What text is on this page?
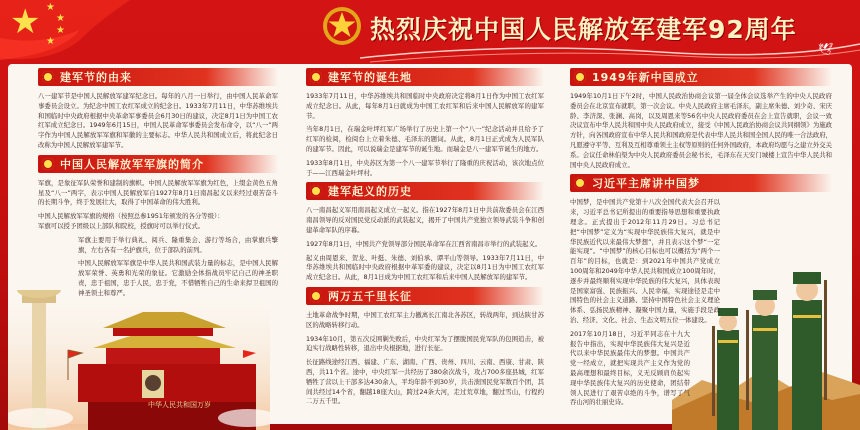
★ ★
★
★
★	热烈庆祝中国人民解放军建军92周年
🕊
中华人民共和国万岁
建军节的由来

八一建军节是中国人民解放军建军纪念日。每年的八月一日举行，由中国人民革命军事委员会设立。为纪念中国工农红军成立的纪念日。1933年7月11日，中华苏维埃共和国临时中央政府根据中央革命军事委员会6月30日的建议，决定8月1日为中国工农红军成立纪念日。1949年6月15日，中国人民革命军事委员会发布命令，以“八一”两字作为中国人民解放军军旗和军徽的主要标志。中华人民共和国成立后，将此纪念日改称为中国人民解放军建军节。

中国人民解放军军旗的简介

军旗，是象征军队荣誉和建制的旗帜。中国人民解放军军旗为红色，上缀金黄色五角星及“八一”两字，表示中国人民解放军自1927年8月1日南昌起义以来经过艰苦奋斗的长期斗争，终于发展壮大，取得了中国革命的伟大胜利。

中国人民解放军军旗的规格（按照总参1951年颁发的各分等级）：

军旗可以授予团级以上部队和院校，授旗时可以举行仪式。

军旗主要用于举行典礼、阅兵、隆重集会、游行等场合，由掌旗兵擎旗，左右各有一名护旗兵，位于部队的前列。

中国人民解放军军旗是中华人民共和国武装力量的标志，是中国人民解放军荣誉、英勇和光荣的象征。它激励全体指战员牢记自己的神圣职责，忠于祖国，忠于人民，忠于党，不惜牺牲自己的生命来捍卫祖国的神圣领土和尊严。

建军节的诞生地

1933年7月11日，中华苏维埃共和国临时中央政府决定将8月1日作为中国工农红军成立纪念日。从此，每年8月1日就成为中国工农红军和后来中国人民解放军的建军节。

当年8月1日，在瑞金叶坪红军广场举行了历史上第一个“八一”纪念活动并且给予了红军的检阅，检阅台上立着朱德、毛泽东的题词。从此，8月1日正式成为人民军队的建军节。因此，可以说瑞金是建军节的诞生地。而瑞金是八一建军节诞生的地方。

1933年8月1日，中央苏区为第一个八一建军节举行了隆重的庆祝活动，该次地点位于——江西瑞金叶坪村。

建军起义的历史

八一南昌起义军用南昌起义成立一起义。指在1927年8月1日中共前敌委员会在江西南昌领导的反对国民党反动派的武装起义，揭开了中国共产党独立领导武装斗争和创建革命军队的序幕。

1927年8月1日，中国共产党领导部分国民革命军在江西省南昌市举行的武装起义。

起义由周恩来、贺龙、叶挺、朱德、刘伯承、谭平山等领导。1933年7月11日，中华苏维埃共和国临时中央政府根据中革军委的建议，决定以8月1日为中国工农红军成立纪念日。从此，8月1日成为中国工农红军和后来中国人民解放军的建军节。

两万五千里长征

土地革命战争时期，中国工农红军主力撤离长江南北各苏区，转战两年，到达陕甘苏区的战略转移行动。

1934年10月，第五次反围剿失败后，中央红军为了摆脱国民党军队的包围追击，被迫实行战略性转移，退出中央根据地，进行长征。

长征路线途经江西、福建、广东、湖南、广西、贵州、四川、云南、西康、甘肃、陕西，共11个省。途中，中央红军一共经历了380余次战斗，攻占700多座县城，红军牺牲了营以上干部多达430余人，平均年龄不到30岁，共击溃国民党军数百个团，其间共经过14个省，翻越18座大山，跨过24条大河，走过荒草地，翻过雪山，行程约二万五千里。

1949年新中国成立

1949年10月1日下午2时，中国人民政治协商会议第一届全体会议选举产生的中央人民政府委员会在北京宣布就职，第一次会议。中央人民政府主席毛泽东，副主席朱德、刘少奇、宋庆龄、李济深、张澜、高岗，以及周恩来等56名中央人民政府委员在会上宣告就职，会议一致决议宣布中华人民共和国中央人民政府成立，接受《中国人民政治协商会议共同纲领》为施政方针，向各国政府宣布中华人民共和国政府是代表中华人民共和国全国人民的唯一合法政府，凡愿遵守平等、互利及互相尊重领土主权等原则的任何外国政府，本政府均愿与之建立外交关系。会议任命林伯渠为中央人民政府委员会秘书长，毛泽东在天安门城楼上宣告中华人民共和国中央人民政府成立。

习近平主席讲中国梦

中国梦，是中国共产党第十八次全国代表大会召开以来，习近平总书记所提出的重要指导思想和重要执政理念。正式提出于2012年11月29日。习总书记把“中国梦”定义为“实现中华民族伟大复兴，就是中华民族近代以来最伟大梦想”，并且表示这个梦“一定能实现”。“中国梦”的核心目标也可以概括为“两个一百年”的目标，也就是：到2021年中国共产党成立100周年和2049年中华人民共和国成立100周年时，逐步并最终顺利实现中华民族的伟大复兴，具体表现是国家富强、民族振兴、人民幸福，实现途径是走中国特色的社会主义道路、坚持中国特色社会主义理论体系、弘扬民族精神、凝聚中国力量，实施手段是政治、经济、文化、社会、生态文明五位一体建设。

2017年10月18日，习近平同志在十九大报告中指出，实现中华民族伟大复兴是近代以来中华民族最伟大的梦想。中国共产党一经成立，就把实现共产主义作为党的最高理想和最终目标，义无反顾肩负起实现中华民族伟大复兴的历史使命，团结带领人民进行了艰苦卓绝的斗争，谱写了气吞山河的壮丽史诗。
